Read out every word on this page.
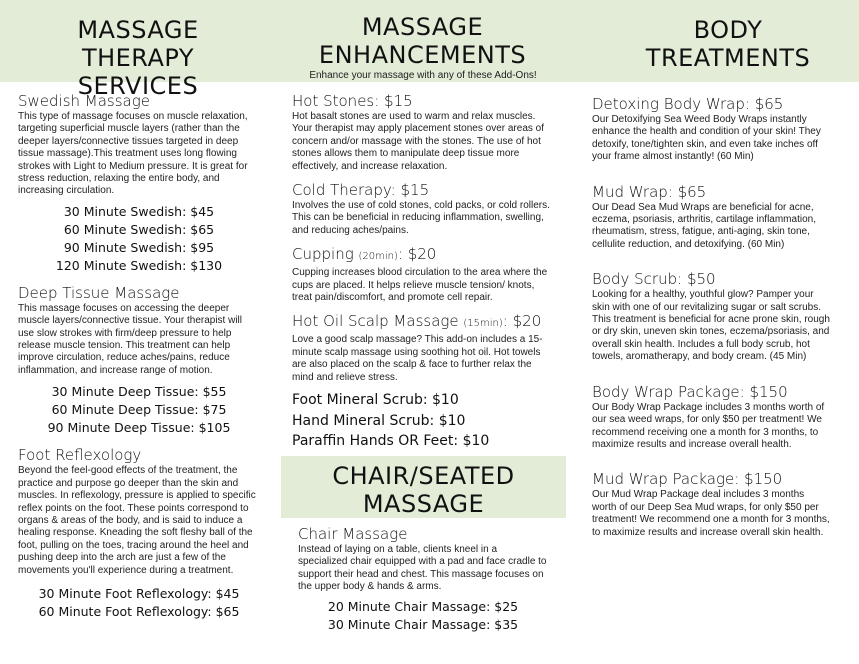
MASSAGE THERAPY
SERVICES
MASSAGE
ENHANCEMENTS
Enhance your massage with any of these Add-Ons!
BODY
TREATMENTS

Swedish Massage

This type of massage focuses on muscle relaxation, targeting superficial muscle layers (rather than the deeper layers/connective tissues targeted in deep tissue massage).This treatment uses long flowing strokes with Light to Medium pressure. It is great for stress reduction, relaxing the entire body, and increasing circulation.

30 Minute Swedish: $45

60 Minute Swedish: $65

90 Minute Swedish: $95

120 Minute Swedish: $130

Deep Tissue Massage

This massage focuses on accessing the deeper muscle layers/connective tissue. Your therapist will use slow strokes with firm/deep pressure to help release muscle tension. This treatment can help improve circulation, reduce aches/pains, reduce inflammation, and increase range of motion.

30 Minute Deep Tissue: $55

60 Minute Deep Tissue: $75

90 Minute Deep Tissue: $105

Foot Reflexology

Beyond the feel-good effects of the treatment, the practice and purpose go deeper than the skin and muscles. In reflexology, pressure is applied to specific reflex points on the foot. These points correspond to organs & areas of the body, and is said to induce a healing response. Kneading the soft fleshy ball of the foot, pulling on the toes, tracing around the heel and pushing deep into the arch are just a few of the movements you'll experience during a treatment.

30 Minute Foot Reflexology: $45

60 Minute Foot Reflexology: $65

Hot Stones: $15

Hot basalt stones are used to warm and relax muscles. Your therapist may apply placement stones over areas of concern and/or massage with the stones. The use of hot stones allows them to manipulate deep tissue more effectively, and increase relaxation.

Cold Therapy: $15

Involves the use of cold stones, cold packs, or cold rollers. This can be beneficial in reducing inflammation, swelling, and reducing aches/pains.

Cupping (20min): $20

Cupping increases blood circulation to the area where the cups are placed. It helps relieve muscle tension/ knots, treat pain/discomfort, and promote cell repair.

Hot Oil Scalp Massage (15min): $20

Love a good scalp massage? This add-on includes a 15-minute scalp massage using soothing hot oil. Hot towels are also placed on the scalp & face to further relax the mind and relieve stress.

Foot Mineral Scrub: $10

Hand Mineral Scrub: $10

Paraffin Hands OR Feet: $10

CHAIR/SEATED
MASSAGE

Chair Massage

Instead of laying on a table, clients kneel in a specialized chair equipped with a pad and face cradle to support their head and chest. This massage focuses on the upper body & hands & arms.

20 Minute Chair Massage: $25

30 Minute Chair Massage: $35

Detoxing Body Wrap: $65

Our Detoxifying Sea Weed Body Wraps instantly enhance the health and condition of your skin! They detoxify, tone/tighten skin, and even take inches off your frame almost instantly! (60 Min)

Mud Wrap: $65

Our Dead Sea Mud Wraps are beneficial for acne, eczema, psoriasis, arthritis, cartilage inflammation, rheumatism, stress, fatigue, anti-aging, skin tone, cellulite reduction, and detoxifying. (60 Min)

Body Scrub: $50

Looking for a healthy, youthful glow? Pamper your skin with one of our revitalizing sugar or salt scrubs. This treatment is beneficial for acne prone skin, rough or dry skin, uneven skin tones, eczema/psoriasis, and overall skin health. Includes a full body scrub, hot towels, aromatherapy, and body cream. (45 Min)

Body Wrap Package: $150

Our Body Wrap Package includes 3 months worth of our sea weed wraps, for only $50 per treatment! We recommend receiving one a month for 3 months, to maximize results and increase overall health.

Mud Wrap Package: $150

Our Mud Wrap Package deal includes 3 months worth of our Deep Sea Mud wraps, for only $50 per treatment! We recommend one a month for 3 months, to maximize results and increase overall skin health.
